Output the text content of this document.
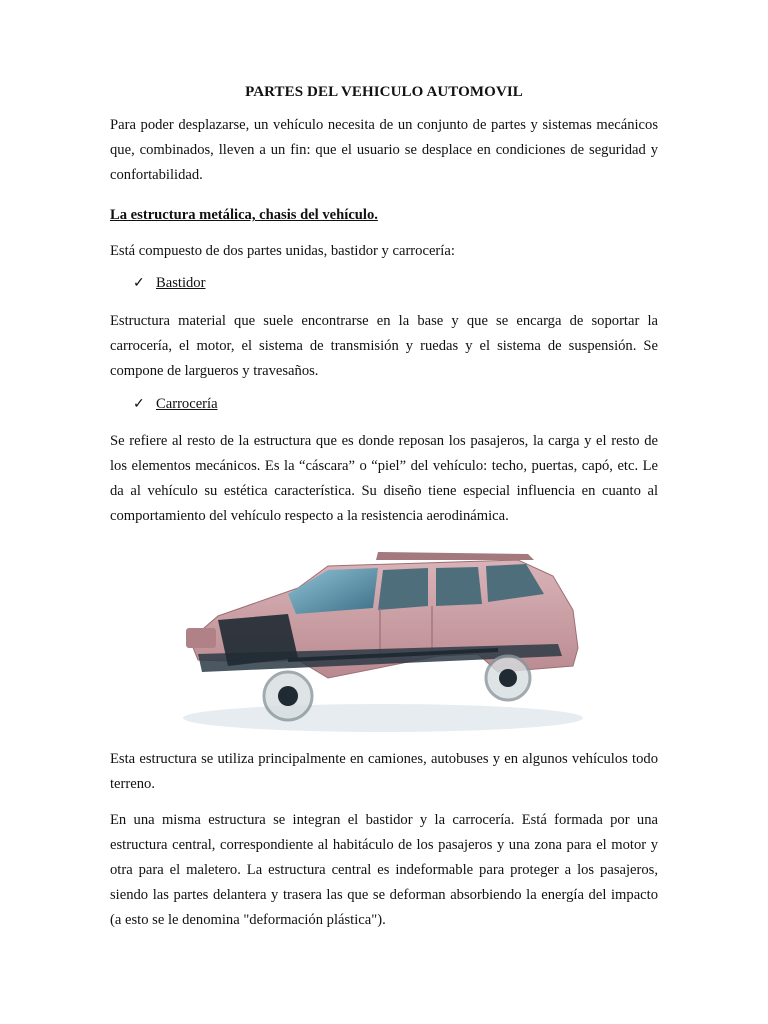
PARTES DEL VEHICULO AUTOMOVIL
Para poder desplazarse, un vehículo necesita de un conjunto de partes y sistemas mecánicos que, combinados, lleven a un fin: que el usuario se desplace en condiciones de seguridad y confortabilidad.
La estructura metálica, chasis del vehículo.
Está compuesto de dos partes unidas, bastidor y carrocería:
✓ Bastidor
Estructura material que suele encontrarse en la base y que se encarga de soportar la carrocería, el motor, el sistema de transmisión y ruedas y el sistema de suspensión. Se compone de largueros y travesaños.
✓ Carrocería
Se refiere al resto de la estructura que es donde reposan los pasajeros, la carga y el resto de los elementos mecánicos. Es la “cáscara” o “piel” del vehículo: techo, puertas, capó, etc. Le da al vehículo su estética característica. Su diseño tiene especial influencia en cuanto al comportamiento del vehículo respecto a la resistencia aerodinámica.
Esta estructura se utiliza principalmente en camiones, autobuses y en algunos vehículos todo terreno.
En una misma estructura se integran el bastidor y la carrocería. Está formada por una estructura central, correspondiente al habitáculo de los pasajeros y una zona para el motor y otra para el maletero. La estructura central es indeformable para proteger a los pasajeros, siendo las partes delantera y trasera las que se deforman absorbiendo la energía del impacto (a esto se le denomina "deformación plástica").
